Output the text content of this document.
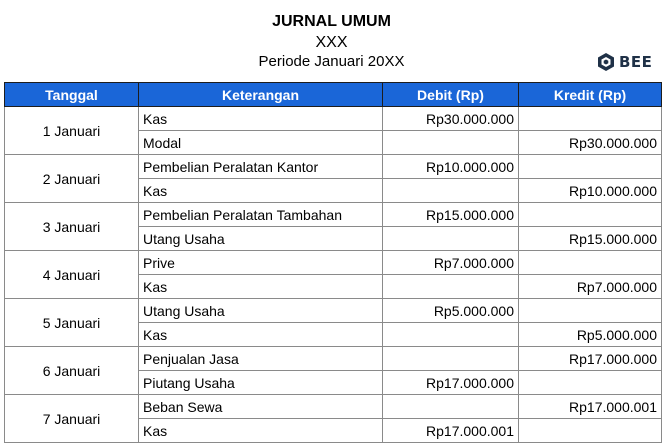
JURNAL UMUM
XXX
Periode Januari 20XX	BEE
Tanggal	Keterangan	Debit (Rp)	Kredit (Rp)
1 Januari	Kas	Rp30.000.000	
	Modal		Rp30.000.000
2 Januari	Pembelian Peralatan Kantor	Rp10.000.000	
	Kas		Rp10.000.000
3 Januari	Pembelian Peralatan Tambahan	Rp15.000.000	
	Utang Usaha		Rp15.000.000
4 Januari	Prive	Rp7.000.000	
	Kas		Rp7.000.000
5 Januari	Utang Usaha	Rp5.000.000	
	Kas		Rp5.000.000
6 Januari	Penjualan Jasa		Rp17.000.000
	Piutang Usaha	Rp17.000.000	
7 Januari	Beban Sewa		Rp17.000.001
	Kas	Rp17.000.001	
